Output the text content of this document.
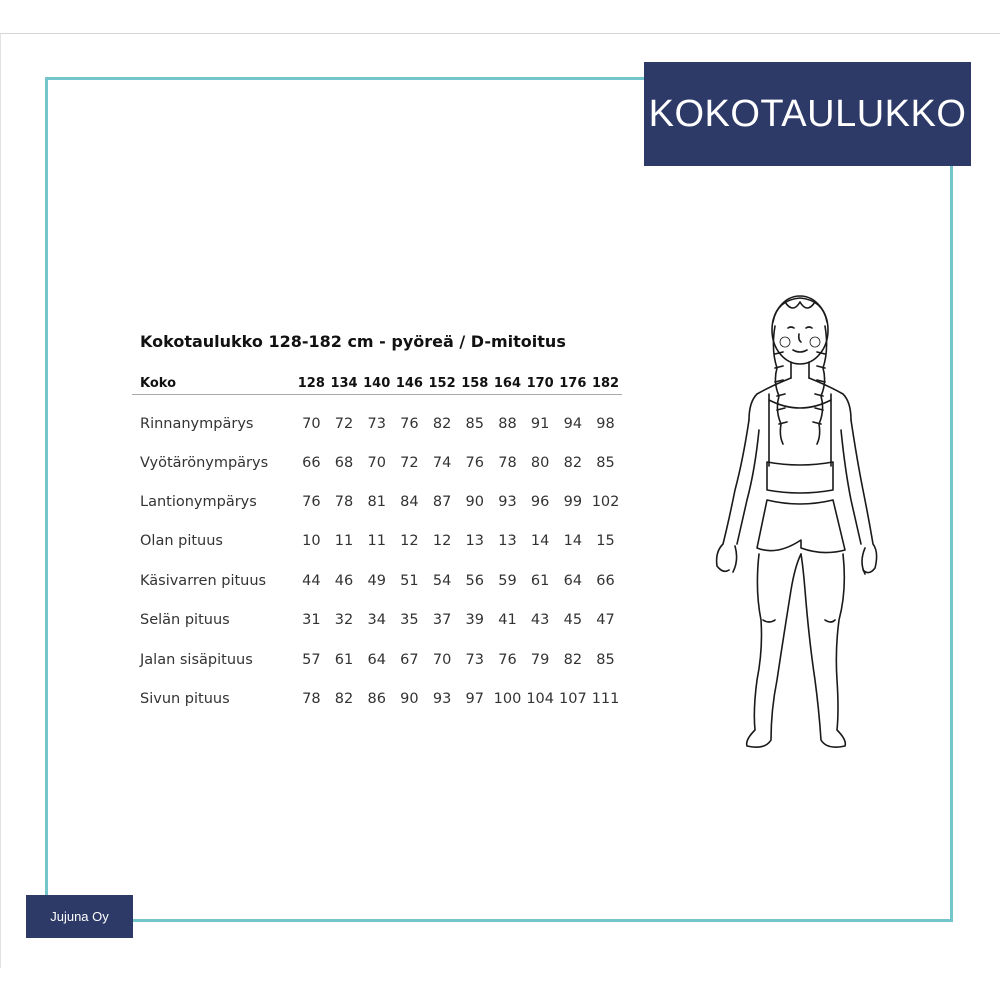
KOKOTAULUKKO
Kokotaulukko 128-182 cm - pyöreä / D-mitoitus
Koko	128	134	140	146	152	158	164	170	176	182
Rinnanympärys	70	72	73	76	82	85	88	91	94	98
Vyötärönympärys	66	68	70	72	74	76	78	80	82	85
Lantionympärys	76	78	81	84	87	90	93	96	99	102
Olan pituus	10	11	11	12	12	13	13	14	14	15
Käsivarren pituus	44	46	49	51	54	56	59	61	64	66
Selän pituus	31	32	34	35	37	39	41	43	45	47
Jalan sisäpituus	57	61	64	67	70	73	76	79	82	85
Sivun pituus	78	82	86	90	93	97	100	104	107	111
Jujuna Oy
